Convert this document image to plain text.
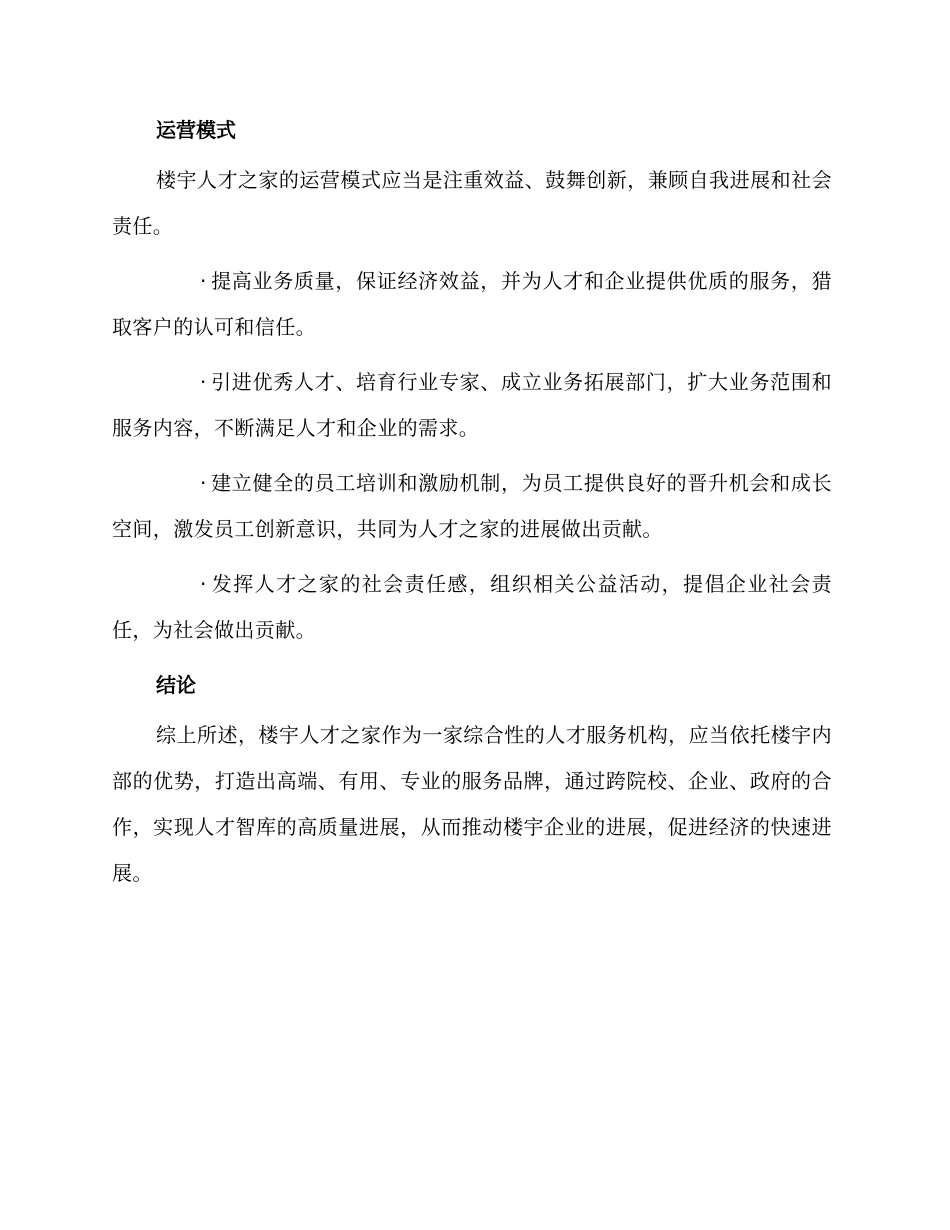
运营模式

楼宇人才之家的运营模式应当是注重效益、鼓舞创新，兼顾自我进展和社会责任。

· 提高业务质量，保证经济效益，并为人才和企业提供优质的服务，猎取客户的认可和信任。

· 引进优秀人才、培育行业专家、成立业务拓展部门，扩大业务范围和服务内容，不断满足人才和企业的需求。

· 建立健全的员工培训和激励机制，为员工提供良好的晋升机会和成长空间，激发员工创新意识，共同为人才之家的进展做出贡献。

· 发挥人才之家的社会责任感，组织相关公益活动，提倡企业社会责任，为社会做出贡献。

结论

综上所述，楼宇人才之家作为一家综合性的人才服务机构，应当依托楼宇内部的优势，打造出高端、有用、专业的服务品牌，通过跨院校、企业、政府的合作，实现人才智库的高质量进展，从而推动楼宇企业的进展，促进经济的快速进展。
